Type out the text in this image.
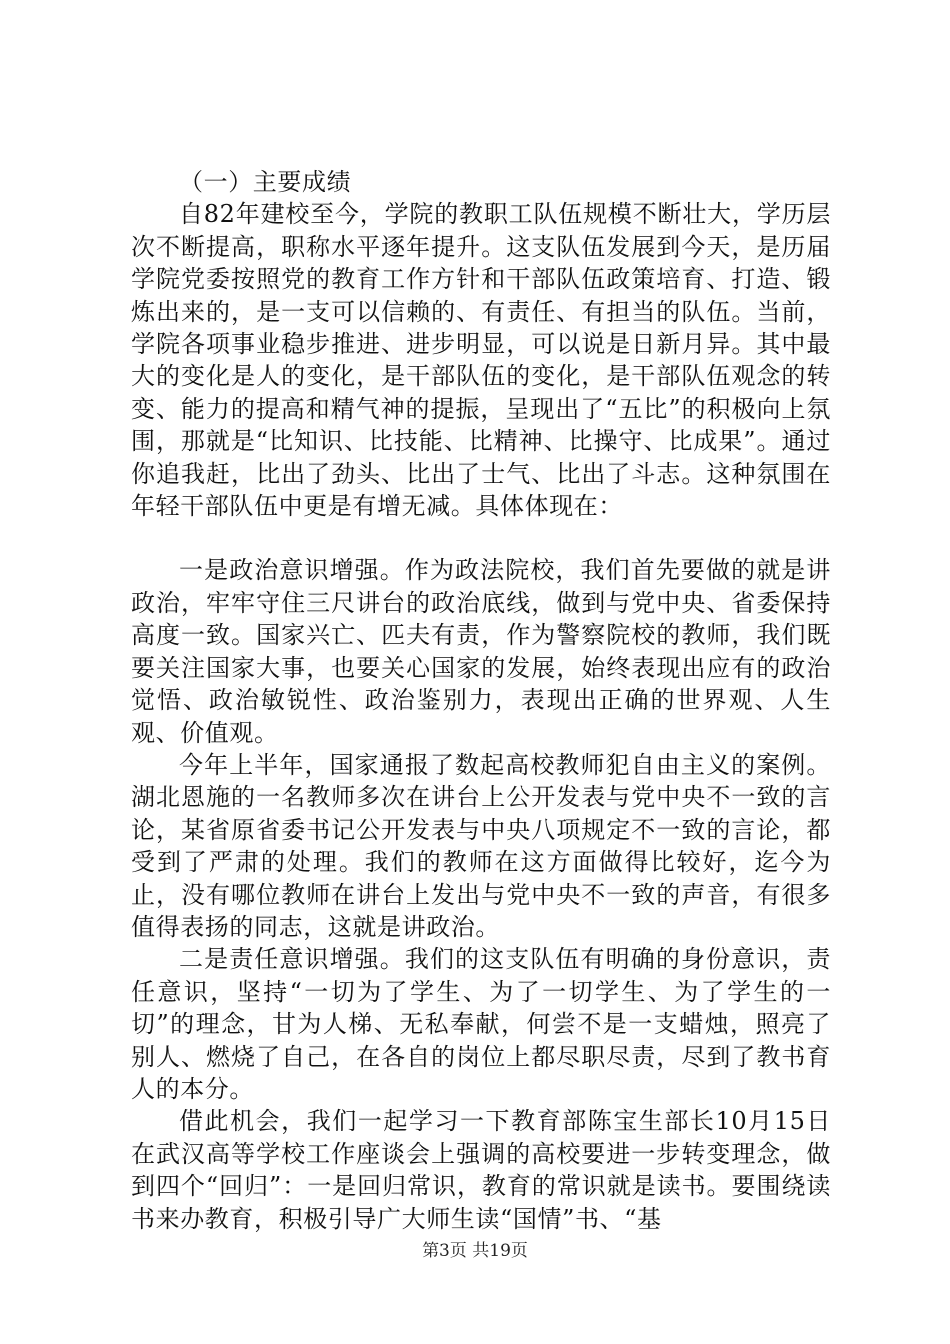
（一）主要成绩

自82年建校至今，学院的教职工队伍规模不断壮大，学历层次不断提高，职称水平逐年提升。这支队伍发展到今天，是历届学院党委按照党的教育工作方针和干部队伍政策培育、打造、锻炼出来的，是一支可以信赖的、有责任、有担当的队伍。当前，学院各项事业稳步推进、进步明显，可以说是日新月异。其中最大的变化是人的变化，是干部队伍的变化，是干部队伍观念的转变、能力的提高和精气神的提振，呈现出了“五比”的积极向上氛围，那就是“比知识、比技能、比精神、比操守、比成果”。通过你追我赶，比出了劲头、比出了士气、比出了斗志。这种氛围在年轻干部队伍中更是有增无减。具体体现在：

一是政治意识增强。作为政法院校，我们首先要做的就是讲政治，牢牢守住三尺讲台的政治底线，做到与党中央、省委保持高度一致。国家兴亡、匹夫有责，作为警察院校的教师，我们既要关注国家大事，也要关心国家的发展，始终表现出应有的政治觉悟、政治敏锐性、政治鉴别力，表现出正确的世界观、人生观、价值观。

今年上半年，国家通报了数起高校教师犯自由主义的案例。湖北恩施的一名教师多次在讲台上公开发表与党中央不一致的言论，某省原省委书记公开发表与中央八项规定不一致的言论，都受到了严肃的处理。我们的教师在这方面做得比较好，迄今为止，没有哪位教师在讲台上发出与党中央不一致的声音，有很多值得表扬的同志，这就是讲政治。

二是责任意识增强。我们的这支队伍有明确的身份意识，责任意识，坚持“一切为了学生、为了一切学生、为了学生的一切”的理念，甘为人梯、无私奉献，何尝不是一支蜡烛，照亮了别人、燃烧了自己，在各自的岗位上都尽职尽责，尽到了教书育人的本分。

借此机会，我们一起学习一下教育部陈宝生部长10月15日在武汉高等学校工作座谈会上强调的高校要进一步转变理念，做到四个“回归”：一是回归常识，教育的常识就是读书。要围绕读书来办教育，积极引导广大师生读“国情”书、“基

第3页 共19页
